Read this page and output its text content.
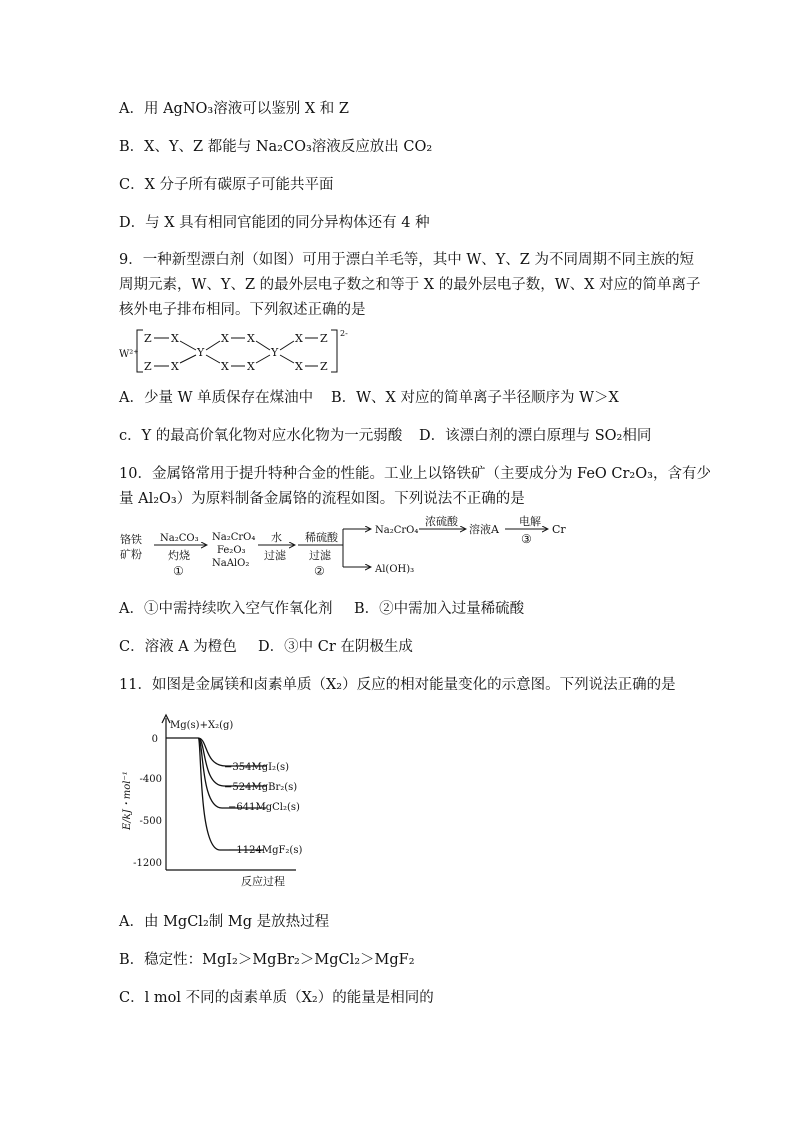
A．用 AgNO₃溶液可以鉴别 X 和 Z
B．X、Y、Z 都能与 Na₂CO₃溶液反应放出 CO₂
C．X 分子所有碳原子可能共平面
D．与 X 具有相同官能团的同分异构体还有 4 种
9．一种新型漂白剂（如图）可用于漂白羊毛等，其中 W、Y、Z 为不同周期不同主族的短
周期元素，W、Y、Z 的最外层电子数之和等于 X 的最外层电子数，W、X 对应的简单离子
核外电子排布相同。下列叙述正确的是
W²⁺
2-
Z X
Z X
Y
X X
X X
Y
X Z
X Z
A．少量 W 单质保存在煤油中 B．W、X 对应的简单离子半径顺序为 W＞X
c．Y 的最高价氧化物对应水化物为一元弱酸 D．该漂白剂的漂白原理与 SO₂相同
10．金属铬常用于提升特种合金的性能。工业上以铬铁矿（主要成分为 FeO Cr₂O₃，含有少
量 Al₂O₃）为原料制备金属铬的流程如图。下列说法不正确的是
铬铁
矿粉
Na₂CO₃
灼烧
①
Na₂CrO₄
Fe₂O₃
NaAlO₂
水
过滤
稀硫酸
过滤
②
Na₂CrO₄
Al(OH)₃
浓硫酸
溶液A
电解
③
Cr
A．①中需持续吹入空气作氧化剂 B．②中需加入过量稀硫酸
C．溶液 A 为橙色 D．③中 Cr 在阴极生成
11．如图是金属镁和卤素单质（X₂）反应的相对能量变化的示意图。下列说法正确的是
Mg(s)+X₂(g)
E/kJ・mol⁻¹
反应过程
0
-400
-500
-1200
−354MgI₂(s)
−524MgBr₂(s)
−641MgCl₂(s)
−1124MgF₂(s)
A．由 MgCl₂制 Mg 是放热过程
B．稳定性：MgI₂＞MgBr₂＞MgCl₂＞MgF₂
C．l mol 不同的卤素单质（X₂）的能量是相同的
